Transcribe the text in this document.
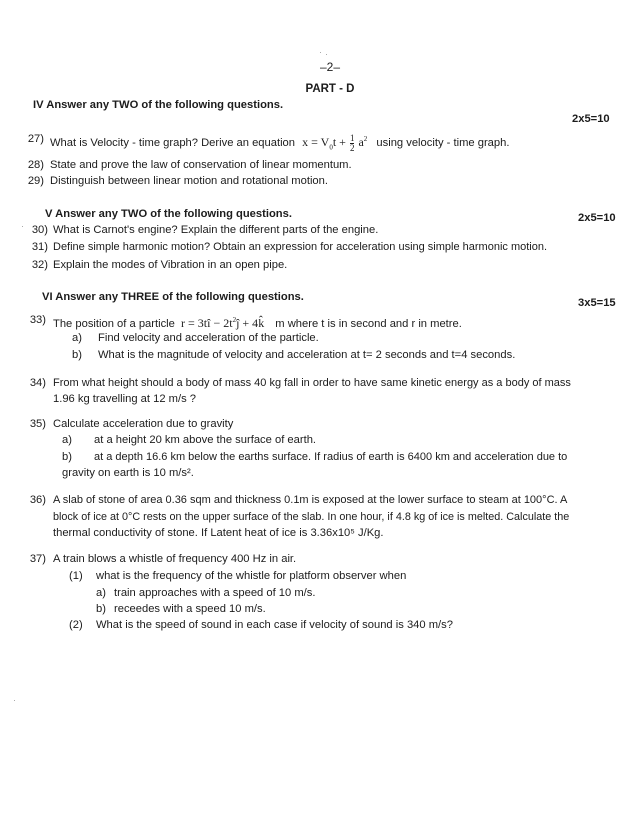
–2–
PART - D
IV Answer any TWO of the following questions.
2x5=10
27) What is Velocity - time graph? Derive an equation $x = V_0t + \frac{1}{2} a^2$ using velocity - time graph.
28) State and prove the law of conservation of linear momentum.
29) Distinguish between linear motion and rotational motion.
V Answer any TWO of the following questions.	2x5=10
30) What is Carnot's engine? Explain the different parts of the engine.
31) Define simple harmonic motion? Obtain an expression for acceleration using simple harmonic motion.
32) Explain the modes of Vibration in an open pipe.
VI Answer any THREE of the following questions.	3x5=15
33) The position of a particle r = 3tî − $2t^2ĵ$ + 4k̂ m where t is in second and r in metre.
a) Find velocity and acceleration of the particle.
b) What is the magnitude of velocity and acceleration at t= 2 seconds and t=4 seconds.
34) From what height should a body of mass 40 kg fall in order to have same kinetic energy as a body of mass
1.96 kg travelling at 12 m/s ?
35) Calculate acceleration due to gravity
a) at a height 20 km above the surface of earth.
b) at a depth 16.6 km below the earths surface. If radius of earth is 6400 km and acceleration due to
gravity on earth is 10 m/s².
36) A slab of stone of area 0.36 sqm and thickness 0.1m is exposed at the lower surface to steam at 100°C. A
block of ice at 0°C rests on the upper surface of the slab. In one hour, if 4.8 kg of ice is melted. Calculate the
thermal conductivity of stone. If Latent heat of ice is 3.36x10⁵ J/Kg.
37) A train blows a whistle of frequency 400 Hz in air.
(1) what is the frequency of the whistle for platform observer when
a) train approaches with a speed of 10 m/s.
b) receedes with a speed 10 m/s.
(2) What is the speed of sound in each case if velocity of sound is 340 m/s?
